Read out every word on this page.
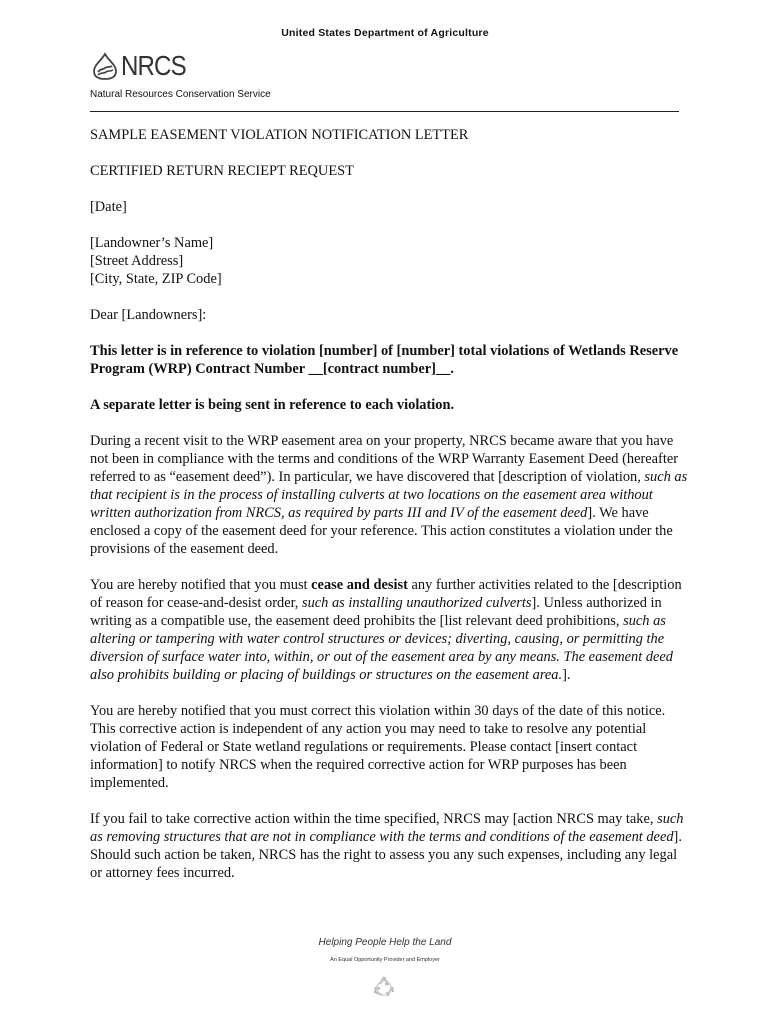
United States Department of Agriculture
NRCS
Natural Resources Conservation Service

SAMPLE EASEMENT VIOLATION NOTIFICATION LETTER

CERTIFIED RETURN RECIEPT REQUEST

[Date]

[Landowner’s Name]
[Street Address]
[City, State, ZIP Code]

Dear [Landowners]:

This letter is in reference to violation [number] of [number] total violations of Wetlands Reserve Program (WRP) Contract Number __[contract number]__.

A separate letter is being sent in reference to each violation.

During a recent visit to the WRP easement area on your property, NRCS became aware that you have not been in compliance with the terms and conditions of the WRP Warranty Easement Deed (hereafter referred to as “easement deed”). In particular, we have discovered that [description of violation, such as that recipient is in the process of installing culverts at two locations on the easement area without written authorization from NRCS, as required by parts III and IV of the easement deed]. We have enclosed a copy of the easement deed for your reference. This action constitutes a violation under the provisions of the easement deed.

You are hereby notified that you must cease and desist any further activities related to the [description of reason for cease-and-desist order, such as installing unauthorized culverts]. Unless authorized in writing as a compatible use, the easement deed prohibits the [list relevant deed prohibitions, such as altering or tampering with water control structures or devices; diverting, causing, or permitting the diversion of surface water into, within, or out of the easement area by any means. The easement deed also prohibits building or placing of buildings or structures on the easement area.].

You are hereby notified that you must correct this violation within 30 days of the date of this notice. This corrective action is independent of any action you may need to take to resolve any potential violation of Federal or State wetland regulations or requirements. Please contact [insert contact information] to notify NRCS when the required corrective action for WRP purposes has been implemented.

If you fail to take corrective action within the time specified, NRCS may [action NRCS may take, such as removing structures that are not in compliance with the terms and conditions of the easement deed]. Should such action be taken, NRCS has the right to assess you any such expenses, including any legal or attorney fees incurred.

Helping People Help the Land
An Equal Opportunity Provider and Employer
